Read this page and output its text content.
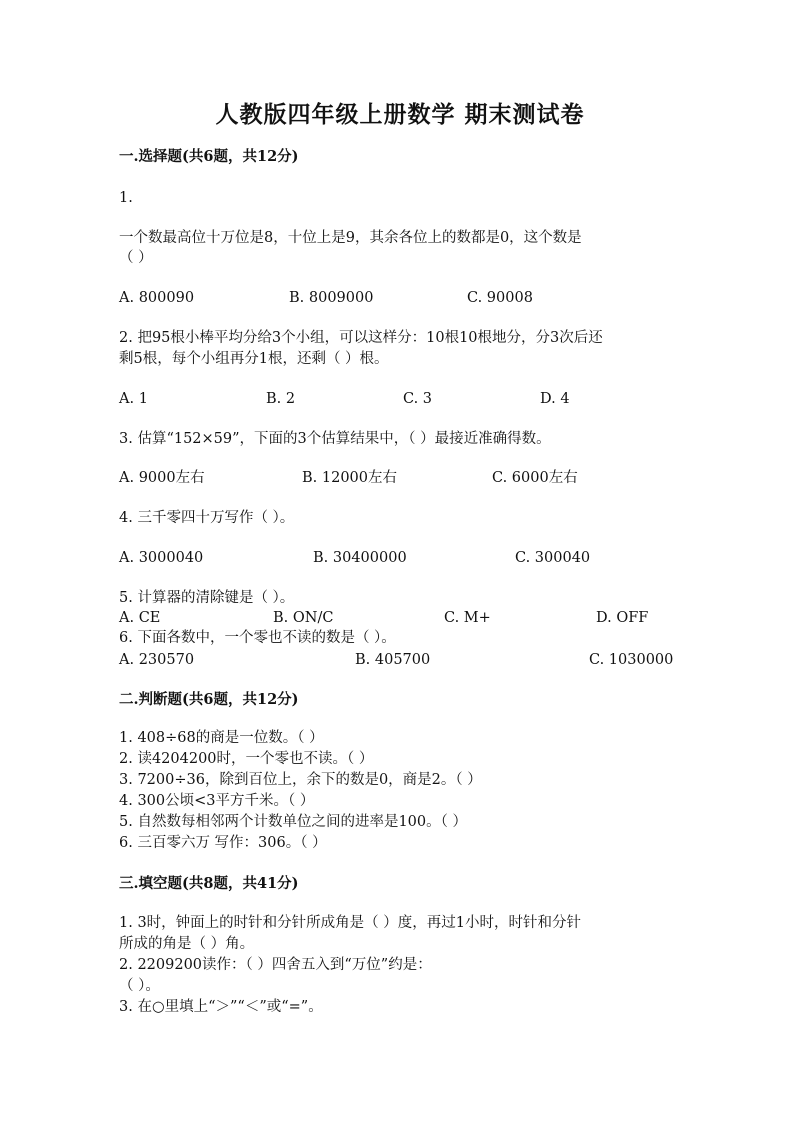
人教版四年级上册数学 期末测试卷
一.选择题(共6题，共12分)
1.
一个数最高位十万位是8，十位上是9，其余各位上的数都是0，这个数是
（ ）
A. 800090	B. 8009000	C. 90008
2. 把95根小棒平均分给3个小组，可以这样分：10根10根地分，分3次后还
剩5根，每个小组再分1根，还剩（ ）根。
A. 1	B. 2	C. 3	D. 4
3. 估算“152×59”，下面的3个估算结果中，（ ）最接近准确得数。
A. 9000左右	B. 12000左右	C. 6000左右
4. 三千零四十万写作（ ）。
A. 3000040	B. 30400000	C. 300040
5. 计算器的清除键是（ ）。
A. CE	B. ON/C	C. M+	D. OFF
6. 下面各数中，一个零也不读的数是（ ）。
A. 230570	B. 405700	C. 1030000
二.判断题(共6题，共12分)
1. 408÷68的商是一位数。（ ）
2. 读4204200时，一个零也不读。（ ）
3. 7200÷36，除到百位上，余下的数是0，商是2。（ ）
4. 300公顷<3平方千米。（ ）
5. 自然数每相邻两个计数单位之间的进率是100。（ ）
6. 三百零六万 写作：306。（ ）
三.填空题(共8题，共41分)
1. 3时，钟面上的时针和分针所成角是（ ）度，再过1小时，时针和分针
所成的角是（ ）角。
2. 2209200读作：（ ）四舍五入到“万位”约是：
（ ）。
3. 在○里填上“＞”“＜”或“=”。
